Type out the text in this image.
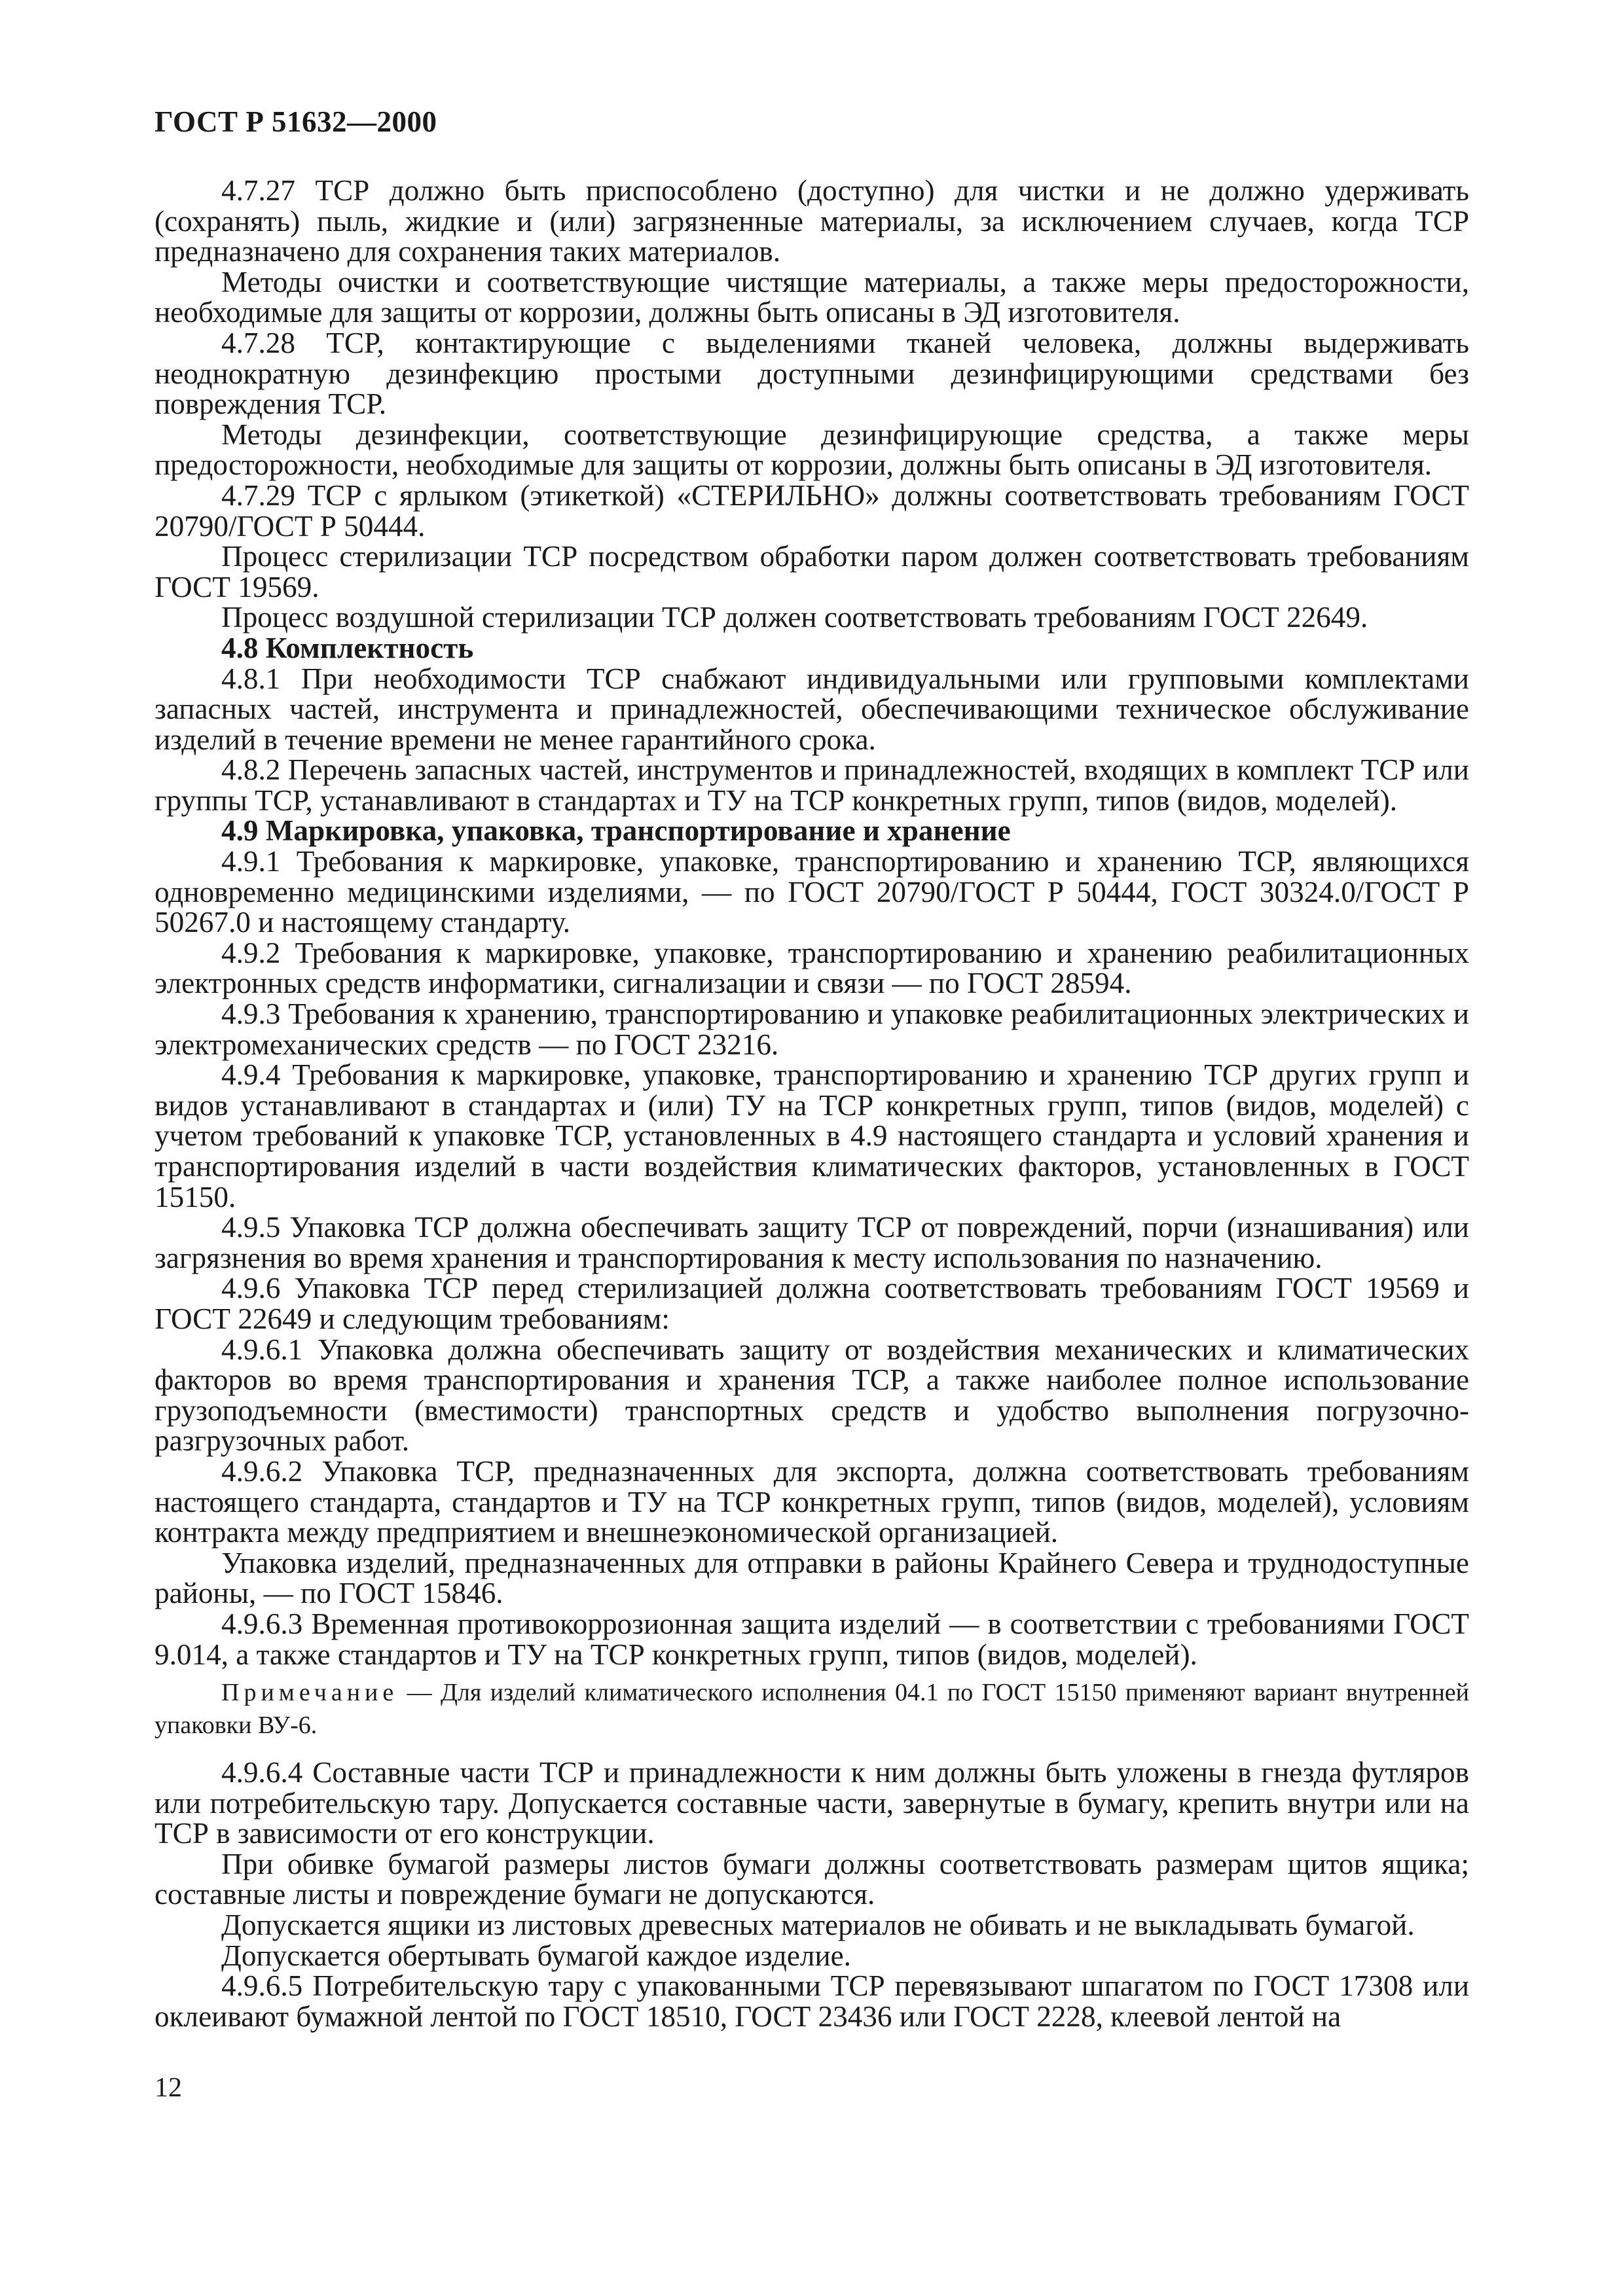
ГОСТ Р 51632—2000

4.7.27 ТСР должно быть приспособлено (доступно) для чистки и не должно удерживать (сохранять) пыль, жидкие и (или) загрязненные материалы, за исключением случаев, когда ТСР предназначено для сохранения таких материалов.

Методы очистки и соответствующие чистящие материалы, а также меры предосторожности, необходимые для защиты от коррозии, должны быть описаны в ЭД изготовителя.

4.7.28 ТСР, контактирующие с выделениями тканей человека, должны выдерживать неоднократную дезинфекцию простыми доступными дезинфицирующими средствами без повреждения ТСР.

Методы дезинфекции, соответствующие дезинфицирующие средства, а также меры предосторожности, необходимые для защиты от коррозии, должны быть описаны в ЭД изготовителя.

4.7.29 ТСР с ярлыком (этикеткой) «СТЕРИЛЬНО» должны соответствовать требованиям ГОСТ 20790/ГОСТ Р 50444.

Процесс стерилизации ТСР посредством обработки паром должен соответствовать требованиям ГОСТ 19569.

Процесс воздушной стерилизации ТСР должен соответствовать требованиям ГОСТ 22649.

4.8 Комплектность

4.8.1 При необходимости ТСР снабжают индивидуальными или групповыми комплектами запасных частей, инструмента и принадлежностей, обеспечивающими техническое обслуживание изделий в течение времени не менее гарантийного срока.

4.8.2 Перечень запасных частей, инструментов и принадлежностей, входящих в комплект ТСР или группы ТСР, устанавливают в стандартах и ТУ на ТСР конкретных групп, типов (видов, моделей).

4.9 Маркировка, упаковка, транспортирование и хранение

4.9.1 Требования к маркировке, упаковке, транспортированию и хранению ТСР, являющихся одновременно медицинскими изделиями, — по ГОСТ 20790/ГОСТ Р 50444, ГОСТ 30324.0/ГОСТ Р 50267.0 и настоящему стандарту.

4.9.2 Требования к маркировке, упаковке, транспортированию и хранению реабилитационных электронных средств информатики, сигнализации и связи — по ГОСТ 28594.

4.9.3 Требования к хранению, транспортированию и упаковке реабилитационных электрических и электромеханических средств — по ГОСТ 23216.

4.9.4 Требования к маркировке, упаковке, транспортированию и хранению ТСР других групп и видов устанавливают в стандартах и (или) ТУ на ТСР конкретных групп, типов (видов, моделей) с учетом требований к упаковке ТСР, установленных в 4.9 настоящего стандарта и условий хранения и транспортирования изделий в части воздействия климатических факторов, установленных в ГОСТ 15150.

4.9.5 Упаковка ТСР должна обеспечивать защиту ТСР от повреждений, порчи (изнашивания) или загрязнения во время хранения и транспортирования к месту использования по назначению.

4.9.6 Упаковка ТСР перед стерилизацией должна соответствовать требованиям ГОСТ 19569 и ГОСТ 22649 и следующим требованиям:

4.9.6.1 Упаковка должна обеспечивать защиту от воздействия механических и климатических факторов во время транспортирования и хранения ТСР, а также наиболее полное использование грузоподъемности (вместимости) транспортных средств и удобство выполнения погрузочно-разгрузочных работ.

4.9.6.2 Упаковка ТСР, предназначенных для экспорта, должна соответствовать требованиям настоящего стандарта, стандартов и ТУ на ТСР конкретных групп, типов (видов, моделей), условиям контракта между предприятием и внешнеэкономической организацией.

Упаковка изделий, предназначенных для отправки в районы Крайнего Севера и труднодоступные районы, — по ГОСТ 15846.

4.9.6.3 Временная противокоррозионная защита изделий — в соответствии с требованиями ГОСТ 9.014, а также стандартов и ТУ на ТСР конкретных групп, типов (видов, моделей).

Примечание — Для изделий климатического исполнения 04.1 по ГОСТ 15150 применяют вариант внутренней упаковки ВУ-6.

4.9.6.4 Составные части ТСР и принадлежности к ним должны быть уложены в гнезда футляров или потребительскую тару. Допускается составные части, завернутые в бумагу, крепить внутри или на ТСР в зависимости от его конструкции.

При обивке бумагой размеры листов бумаги должны соответствовать размерам щитов ящика; составные листы и повреждение бумаги не допускаются.

Допускается ящики из листовых древесных материалов не обивать и не выкладывать бумагой.

Допускается обертывать бумагой каждое изделие.

4.9.6.5 Потребительскую тару с упакованными ТСР перевязывают шпагатом по ГОСТ 17308 или оклеивают бумажной лентой по ГОСТ 18510, ГОСТ 23436 или ГОСТ 2228, клеевой лентой на

12
